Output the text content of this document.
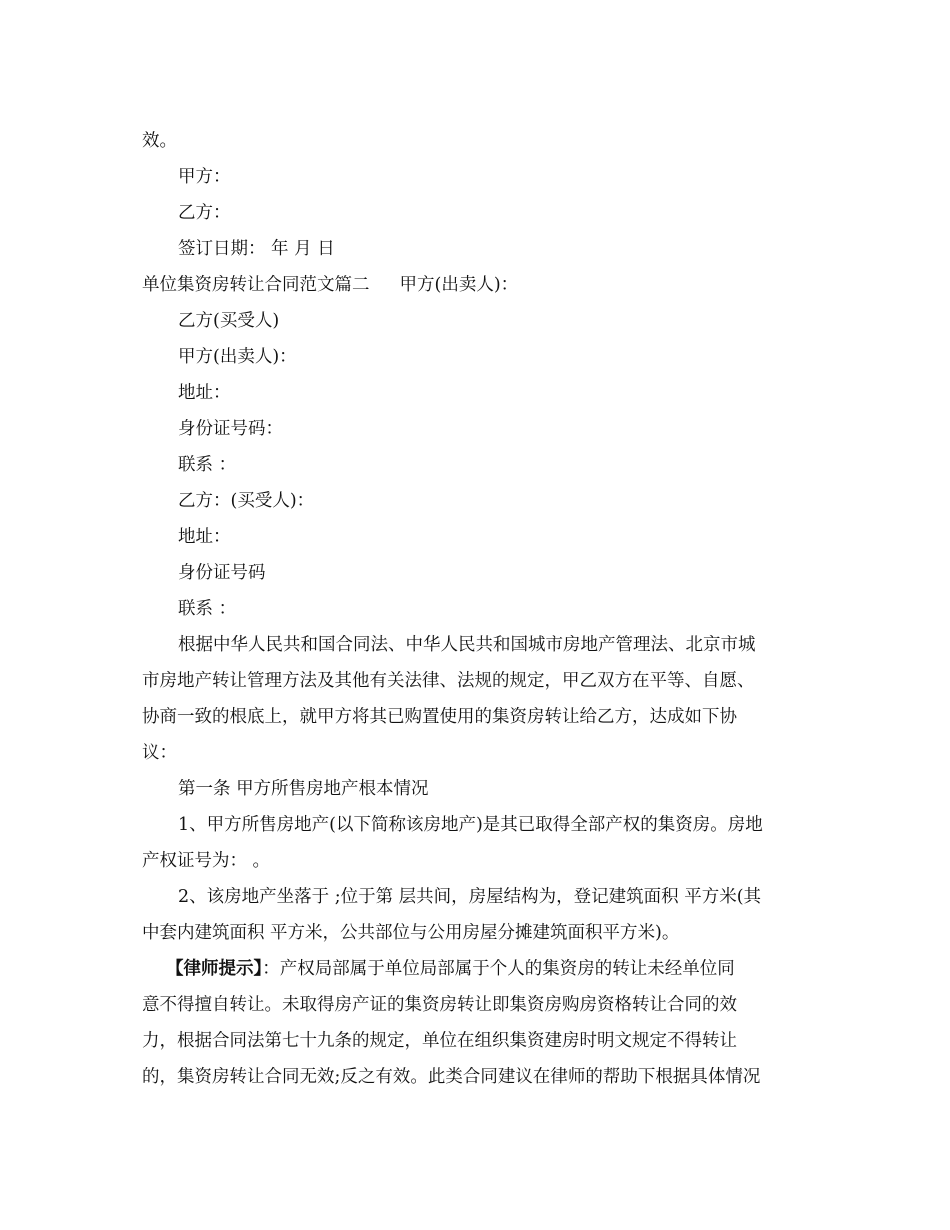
效。
甲方：
乙方：
签订日期： 年 月 日
单位集资房转让合同范文篇二 甲方(出卖人)：
乙方(买受人)
甲方(出卖人)：
地址：
身份证号码：
联系 ：
乙方：(买受人)：
地址：
身份证号码
联系 ：
根据中华人民共和国合同法、中华人民共和国城市房地产管理法、北京市城
市房地产转让管理方法及其他有关法律、法规的规定，甲乙双方在平等、自愿、
协商一致的根底上，就甲方将其已购置使用的集资房转让给乙方，达成如下协
议：
第一条 甲方所售房地产根本情况
1、甲方所售房地产(以下简称该房地产)是其已取得全部产权的集资房。房地
产权证号为： 。
2、该房地产坐落于 ;位于第 层共间，房屋结构为，登记建筑面积 平方米(其
中套内建筑面积 平方米，公共部位与公用房屋分摊建筑面积平方米)。
【律师提示】：产权局部属于单位局部属于个人的集资房的转让未经单位同
意不得擅自转让。未取得房产证的集资房转让即集资房购房资格转让合同的效
力，根据合同法第七十九条的规定，单位在组织集资建房时明文规定不得转让
的，集资房转让合同无效;反之有效。此类合同建议在律师的帮助下根据具体情况
